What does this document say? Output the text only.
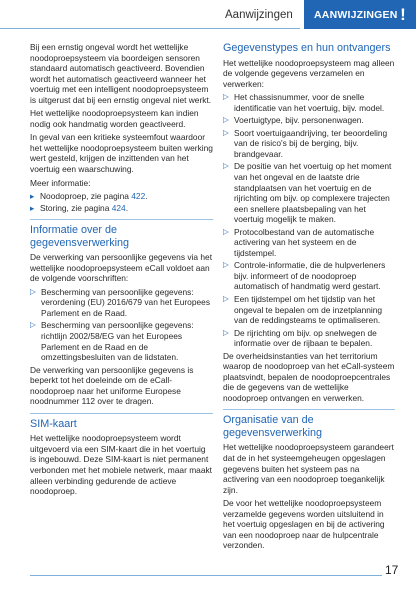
Aanwijzingen AANWIJZINGEN !

Bij een ernstig ongeval wordt het wettelijke noodoproepsysteem via boordeigen sensoren standaard automatisch geactiveerd. Bovendien wordt het automatisch geactiveerd wanneer het voertuig met een intelligent noodoproepsysteem is uitgerust dat bij een ernstig ongeval niet werkt.

Het wettelijke noodoproepsysteem kan indien nodig ook handmatig worden geactiveerd.

In geval van een kritieke systeemfout waardoor het wettelijke noodoproepsysteem buiten werking wert gesteld, krijgen de inzittenden van het voertuig een waarschuwing.

Meer informatie:

▸ Noodoproep, zie pagina 422.
▸ Storing, zie pagina 424.
Informatie over de gegevensverwerking

De verwerking van persoonlijke gegevens via het wettelijke noodoproepsysteem eCall voldoet aan de volgende voorschriften:

▷ Bescherming van persoonlijke gegevens: verordening (EU) 2016/679 van het Europees Parlement en de Raad.
▷ Bescherming van persoonlijke gegevens: richtlijn 2002/58/EG van het Europees Parlement en de Raad en de omzettingsbesluiten van de lidstaten.

De verwerking van persoonlijke gegevens is beperkt tot het doeleinde om de eCall-noodoproep naar het uniforme Europese noodnummer 112 over te dragen.

SIM-kaart

Het wettelijke noodoproepsysteem wordt uitgevoerd via een SIM-kaart die in het voertuig is ingebouwd. Deze SIM-kaart is niet permanent verbonden met het mobiele netwerk, maar maakt alleen verbinding gedurende de actieve noodoproep.

Gegevenstypes en hun ontvangers

Het wettelijke noodoproepsysteem mag alleen de volgende gegevens verzamelen en verwerken:

▷ Het chassisnummer, voor de snelle identificatie van het voertuig, bijv. model.
▷ Voertuigtype, bijv. personenwagen.
▷ Soort voertuigaandrijving, ter beoordeling van de risico's bij de berging, bijv. brandgevaar.
▷ De positie van het voertuig op het moment van het ongeval en de laatste drie standplaatsen van het voertuig en de rijrichting om bijv. op complexere trajecten een snellere plaatsbepaling van het voertuig mogelijk te maken.
▷ Protocolbestand van de automatische activering van het systeem en de tijdstempel.
▷ Controle-informatie, die de hulpverleners bijv. informeert of de noodoproep automatisch of handmatig werd gestart.
▷ Een tijdstempel om het tijdstip van het ongeval te bepalen om de inzetplanning van de reddingsteams te optimaliseren.
▷ De rijrichting om bijv. op snelwegen de informatie over de rijbaan te bepalen.

De overheidsinstanties van het territorium waarop de noodoproep van het eCall-systeem plaatsvindt, bepalen de noodoproepcentrales die de gegevens van de wettelijke noodoproep ontvangen en verwerken.

Organisatie van de gegevensverwerking

Het wettelijke noodoproepsysteem garandeert dat de in het systeemgeheugen opgeslagen gegevens buiten het systeem pas na activering van een noodoproep toegankelijk zijn.

De voor het wettelijke noodoproepsysteem verzamelde gegevens worden uitsluitend in het voertuig opgeslagen en bij de activering van een noodoproep naar de hulpcentrale verzonden.

17
